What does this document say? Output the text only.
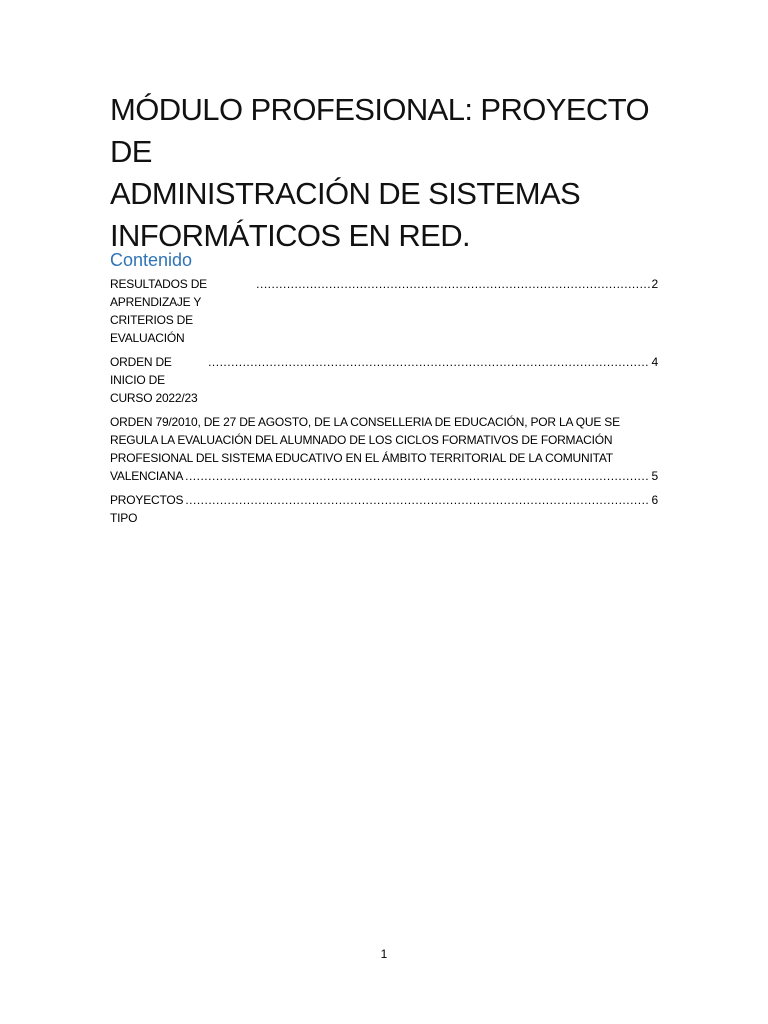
MÓDULO PROFESIONAL: PROYECTO DE
ADMINISTRACIÓN DE SISTEMAS
INFORMÁTICOS EN RED.
Contenido
RESULTADOS DE APRENDIZAJE Y CRITERIOS DE EVALUACIÓN
.....
2
ORDEN DE INICIO DE CURSO 2022/23
.....
4
ORDEN 79/2010, DE 27 DE AGOSTO, DE LA CONSELLERIA DE EDUCACIÓN, POR LA QUE SE
REGULA LA EVALUACIÓN DEL ALUMNADO DE LOS CICLOS FORMATIVOS DE FORMACIÓN
PROFESIONAL DEL SISTEMA EDUCATIVO EN EL ÁMBITO TERRITORIAL DE LA COMUNITAT
VALENCIANA
.....	5
PROYECTOS TIPO
.....
6
1
